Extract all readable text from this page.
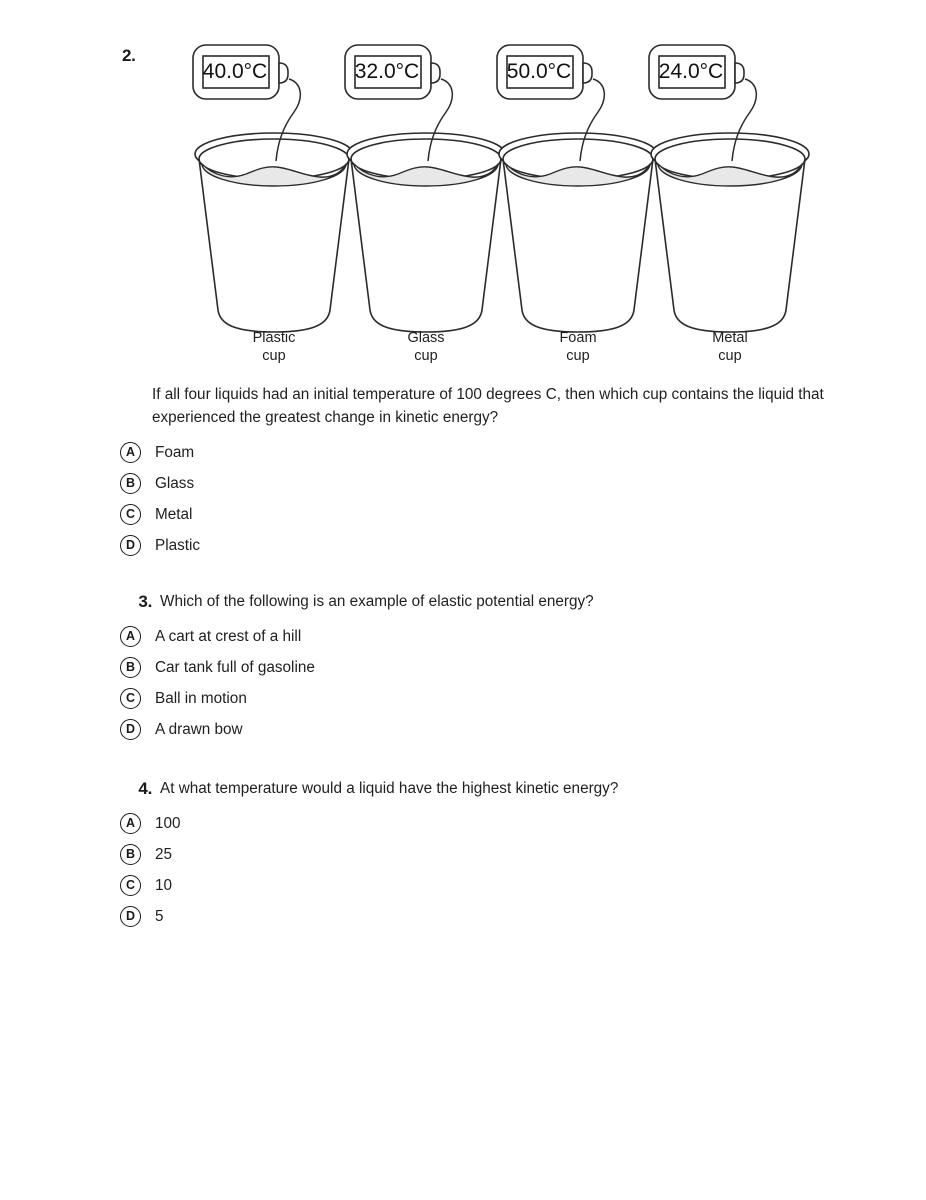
2.
40.0°C
Plastic
cup
32.0°C
Glass
cup
50.0°C
Foam
cup
24.0°C
Metal
cup
If all four liquids had an initial temperature of 100 degrees C, then which cup contains the liquid that experienced the greatest change in kinetic energy?
A	Foam
B	Glass
C	Metal
D	Plastic
3. Which of the following is an example of elastic potential energy?
A	A cart at crest of a hill
B	Car tank full of gasoline
C	Ball in motion
D	A drawn bow
4. At what temperature would a liquid have the highest kinetic energy?
A	100
B	25
C	10
D	5
